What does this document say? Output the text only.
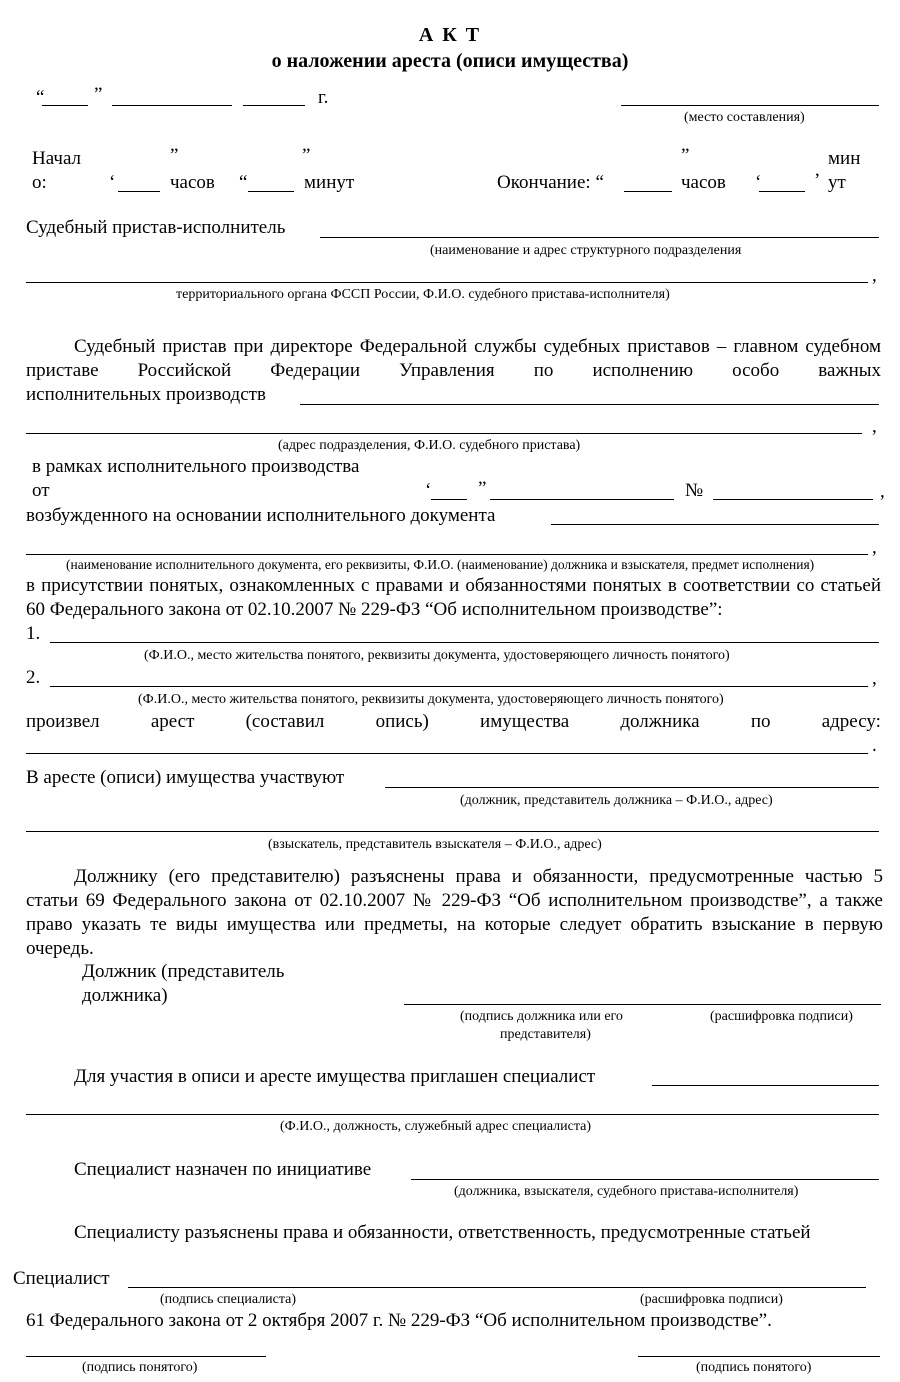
А К Т
о наложении ареста (описи имущества)
“	”	г.
(место составления)
Начал
о:
”
‘	часов
”
“	минут	Окончание: “
”
часов ‘	’
мин
ут
Судебный пристав-исполнитель
(наименование и адрес структурного подразделения
,
территориального органа ФССП России, Ф.И.О. судебного пристава-исполнителя)
Судебный пристав при директоре Федеральной службы судебных приставов – главном судебном приставе Российской Федерации Управления по исполнению особо важных
исполнительных производств
,
(адрес подразделения, Ф.И.О. судебного пристава)
в рамках исполнительного производства
от	‘ ”	№	,
возбужденного на основании исполнительного документа
,
(наименование исполнительного документа, его реквизиты, Ф.И.О. (наименование) должника и взыскателя, предмет исполнения)
в присутствии понятых, ознакомленных с правами и обязанностями понятых в соответствии со статьей 60 Федерального закона от 02.10.2007 № 229-ФЗ “Об исполнительном производстве”:
1.
(Ф.И.О., место жительства понятого, реквизиты документа, удостоверяющего личность понятого)
2.	,
(Ф.И.О., место жительства понятого, реквизиты документа, удостоверяющего личность понятого)
произвел	арест	(составил	опись)	имущества	должника	по	адресу:
.
В аресте (описи) имущества участвуют
(должник, представитель должника – Ф.И.О., адрес)
(взыскатель, представитель взыскателя – Ф.И.О., адрес)
Должнику (его представителю) разъяснены права и обязанности, предусмотренные частью 5 статьи 69 Федерального закона от 02.10.2007 № 229-ФЗ “Об исполнительном производстве”, а также право указать те виды имущества или предметы, на которые следует обратить взыскание в первую очередь.
Должник (представитель
должника)
(подпись должника или его
представителя)
(расшифровка подписи)
Для участия в описи и аресте имущества приглашен специалист
(Ф.И.О., должность, служебный адрес специалиста)
Специалист назначен по инициативе
(должника, взыскателя, судебного пристава-исполнителя)
Специалисту разъяснены права и обязанности, ответственность, предусмотренные статьей
Специалист
(подпись специалиста)	(расшифровка подписи)
61 Федерального закона от 2 октября 2007 г. № 229-ФЗ “Об исполнительном производстве”.
(подпись понятого)	(подпись понятого)
